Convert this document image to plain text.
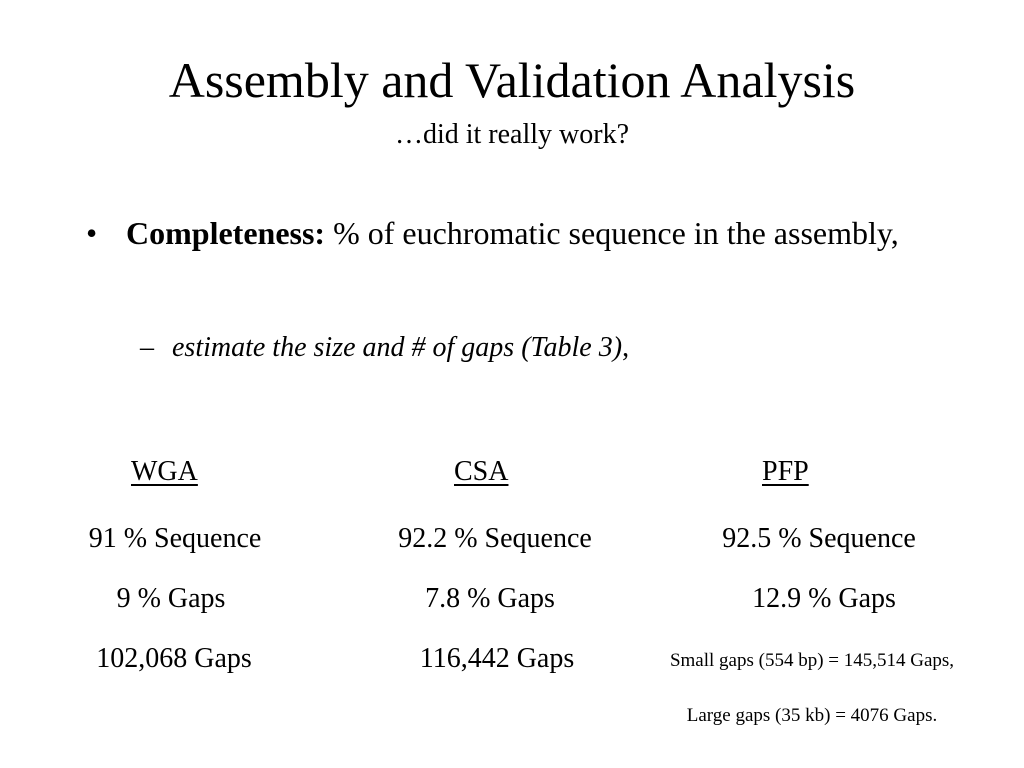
Assembly and Validation Analysis
…did it really work?
• Completeness: % of euchromatic sequence in the assembly,
– estimate the size and # of gaps (Table 3),
WGA	CSA	PFP
91 % Sequence
9 % Gaps
102,068 Gaps
92.2 % Sequence
7.8 % Gaps
116,442 Gaps
92.5 % Sequence
12.9 % Gaps
Small gaps (554 bp) = 145,514 Gaps,
Large gaps (35 kb) = 4076 Gaps.
